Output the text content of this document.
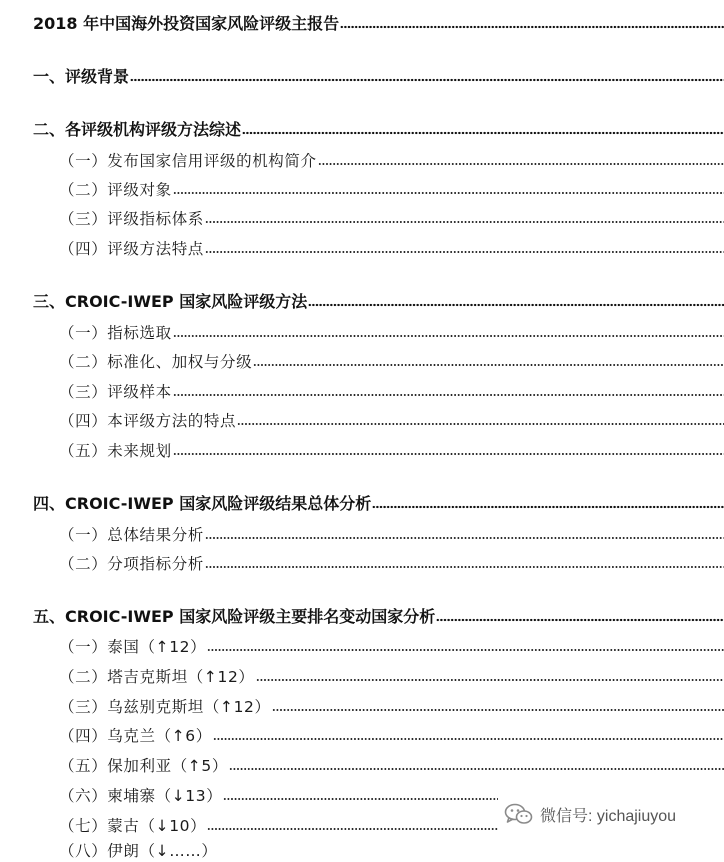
2018 年中国海外投资国家风险评级主报告
一、评级背景
二、各评级机构评级方法综述
（一）发布国家信用评级的机构简介
（二）评级对象
（三）评级指标体系
（四）评级方法特点
三、CROIC-IWEP 国家风险评级方法
（一）指标选取
（二）标准化、加权与分级
（三）评级样本
（四）本评级方法的特点
（五）未来规划
四、CROIC-IWEP 国家风险评级结果总体分析
（一）总体结果分析
（二）分项指标分析
五、CROIC-IWEP 国家风险评级主要排名变动国家分析
（一）泰国（↑12）
（二）塔吉克斯坦（↑12）
（三）乌兹别克斯坦（↑12）
（四）乌克兰（↑6）
（五）保加利亚（↑5）
（六）柬埔寨（↓13）
（七）蒙古（↓10）
（八）伊朗（↓……）
微信号: yichajiuyou
